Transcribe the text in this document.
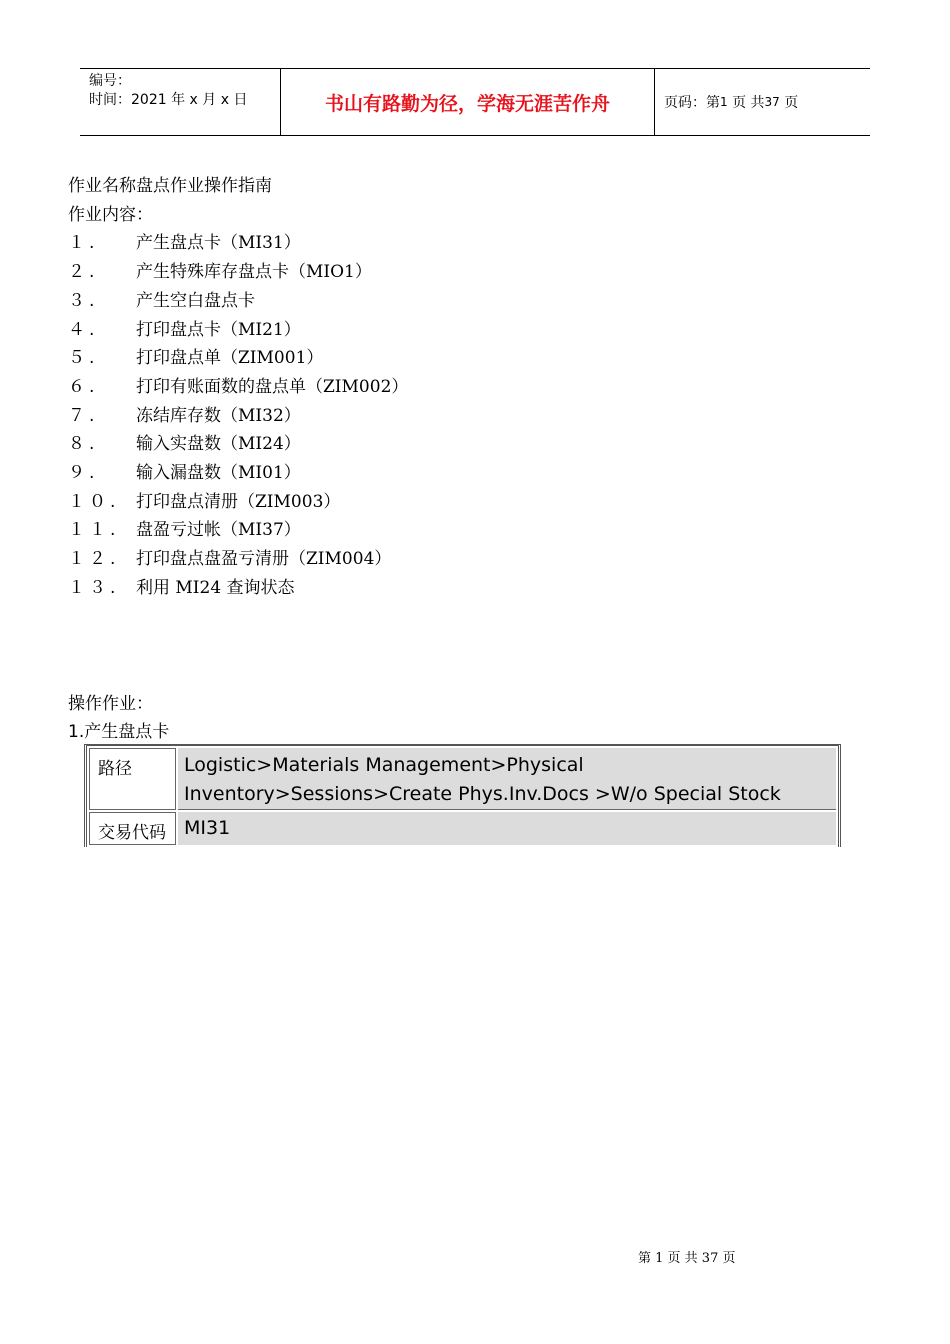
编号：
时间：2021 年 x 月 x 日	书山有路勤为径，学海无涯苦作舟	页码：第 1
页 共 37
页
作业名称盘点作业操作指南
作业内容：
１.	产生盘点卡（MI31）
２.	产生特殊库存盘点卡（MIO1）
３.	产生空白盘点卡
４.	打印盘点卡（MI21）
５.	打印盘点单（ZIM001）
６.	打印有账面数的盘点单（ZIM002）
７.	冻结库存数（MI32）
８.	输入实盘数（MI24）
９.	输入漏盘数（MI01）
１０. 打印盘点清册（ZIM003）
１１. 盘盈亏过帐（MI37）
１２. 打印盘点盘盈亏清册（ZIM004）
１３. 利用 MI24 查询状态
操作作业：
1.产生盘点卡
路径	Logistic>Materials Management>Physical
Inventory>Sessions>Create Phys.Inv.Docs >W/o Special Stock

交易代码	MI31
第 1 页 共 37 页
